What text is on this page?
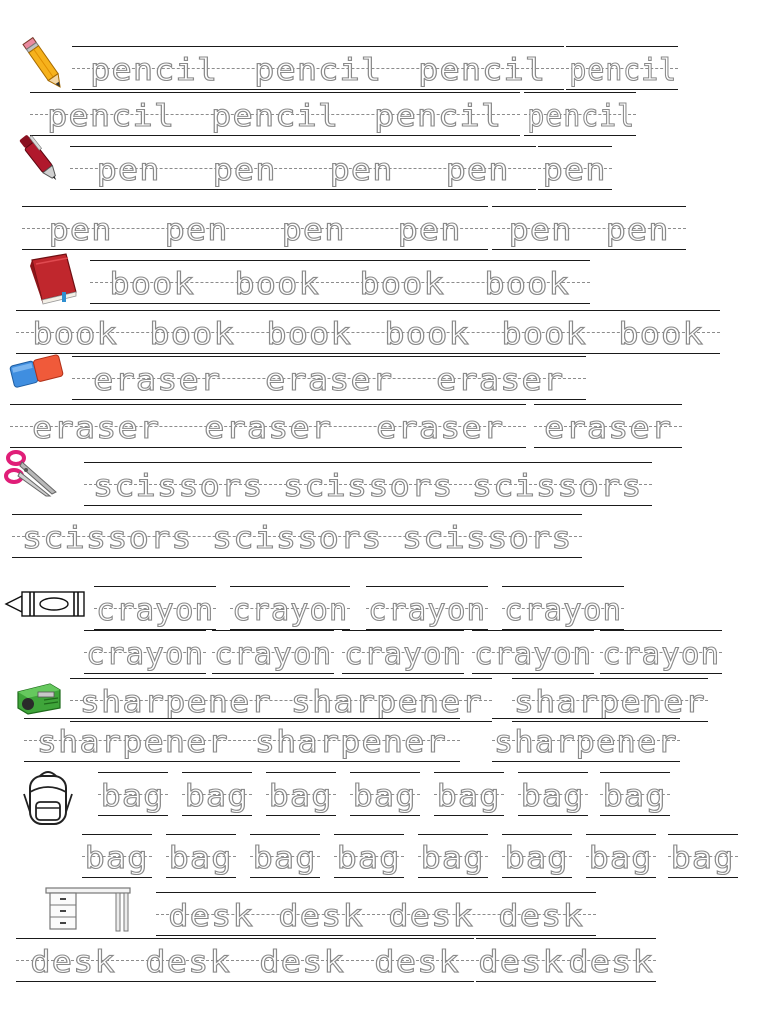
pencil pencil pencil pencil
pencil pencil pencil pencil
pen pen pen pen pen
pen pen pen pen pen pen
book book book book
book book book book book book
eraser eraser eraser
eraser eraser eraser eraser
scissors scissors scissors
scissors scissors scissors
crayon crayon crayon crayon
crayon crayon crayon crayon crayon
sharpener sharpener sharpener
sharpener sharpener sharpener
bag bag bag bag bag bag bag
bag bag bag bag bag bag bag bag
desk desk desk desk
desk desk desk desk desk desk
